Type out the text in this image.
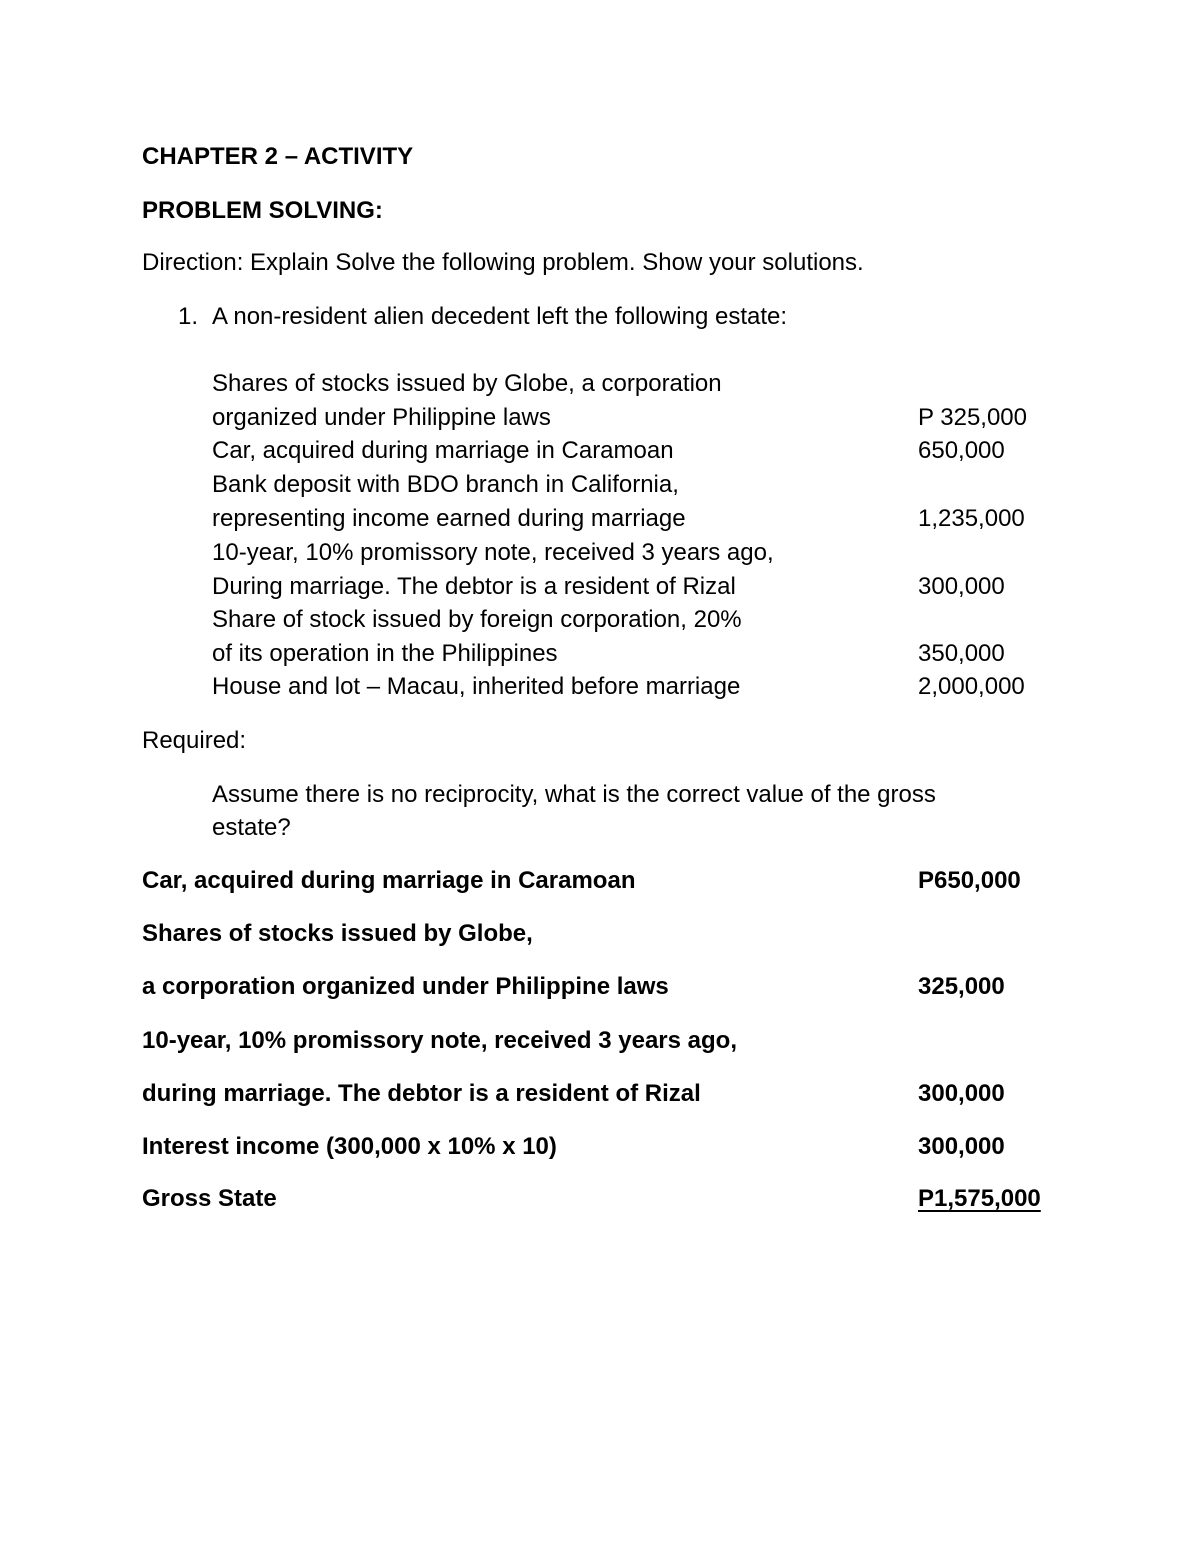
CHAPTER 2 – ACTIVITY
PROBLEM SOLVING:
Direction: Explain Solve the following problem. Show your solutions.
1. A non-resident alien decedent left the following estate:
Shares of stocks issued by Globe, a corporation
organized under Philippine laws	P 325,000
Car, acquired during marriage in Caramoan	650,000
Bank deposit with BDO branch in California,
representing income earned during marriage	1,235,000
10-year, 10% promissory note, received 3 years ago,
During marriage. The debtor is a resident of Rizal	300,000
Share of stock issued by foreign corporation, 20%
of its operation in the Philippines	350,000
House and lot – Macau, inherited before marriage	2,000,000
Required:
Assume there is no reciprocity, what is the correct value of the gross
estate?
Car, acquired during marriage in Caramoan	P650,000
Shares of stocks issued by Globe,
a corporation organized under Philippine laws	325,000
10-year, 10% promissory note, received 3 years ago,
during marriage. The debtor is a resident of Rizal	300,000
Interest income (300,000 x 10% x 10)	300,000
Gross State	P1,575,000
